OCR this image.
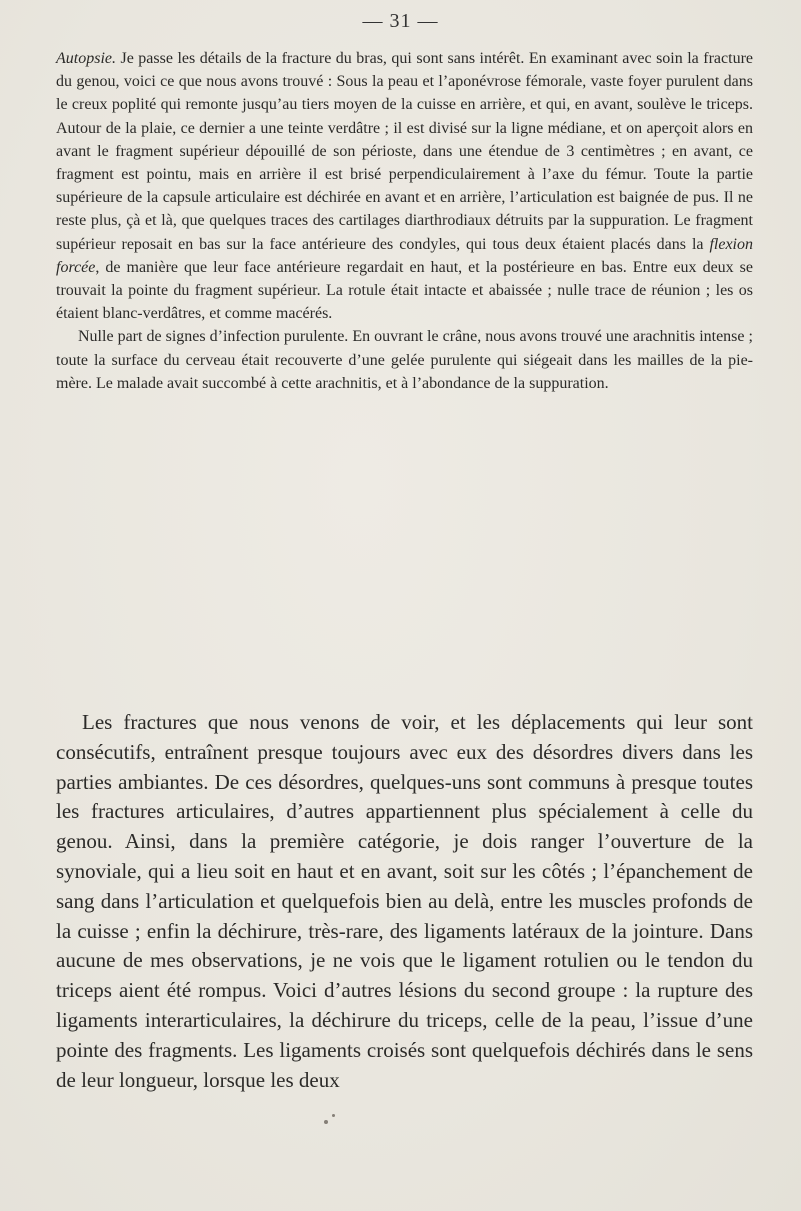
— 31 —

Autopsie. Je passe les détails de la fracture du bras, qui sont sans intérêt. En examinant avec soin la fracture du genou, voici ce que nous avons trouvé : Sous la peau et l’aponévrose fémorale, vaste foyer purulent dans le creux poplité qui remonte jusqu’au tiers moyen de la cuisse en arrière, et qui, en avant, soulève le triceps. Autour de la plaie, ce dernier a une teinte verdâtre ; il est divisé sur la ligne médiane, et on aperçoit alors en avant le fragment supérieur dépouillé de son périoste, dans une étendue de 3 centimètres ; en avant, ce fragment est pointu, mais en arrière il est brisé perpendiculairement à l’axe du fémur. Toute la partie supérieure de la capsule articulaire est déchirée en avant et en arrière, l’articulation est baignée de pus. Il ne reste plus, çà et là, que quelques traces des cartilages diarthrodiaux détruits par la suppuration. Le fragment supérieur reposait en bas sur la face antérieure des condyles, qui tous deux étaient placés dans la flexion forcée, de manière que leur face antérieure regardait en haut, et la postérieure en bas. Entre eux deux se trouvait la pointe du fragment supérieur. La rotule était intacte et abaissée ; nulle trace de réunion ; les os étaient blanc-verdâtres, et comme macérés.

Nulle part de signes d’infection purulente. En ouvrant le crâne, nous avons trouvé une arachnitis intense ; toute la surface du cerveau était recouverte d’une gelée purulente qui siégeait dans les mailles de la pie-mère. Le malade avait succombé à cette arachnitis, et à l’abondance de la suppuration.

Les fractures que nous venons de voir, et les déplacements qui leur sont consécutifs, entraînent presque toujours avec eux des désordres divers dans les parties ambiantes. De ces désordres, quelques-uns sont communs à presque toutes les fractures articulaires, d’autres appartiennent plus spécialement à celle du genou. Ainsi, dans la première catégorie, je dois ranger l’ouverture de la synoviale, qui a lieu soit en haut et en avant, soit sur les côtés ; l’épanchement de sang dans l’articulation et quelquefois bien au delà, entre les muscles profonds de la cuisse ; enfin la déchirure, très-rare, des ligaments latéraux de la jointure. Dans aucune de mes observations, je ne vois que le ligament rotulien ou le tendon du triceps aient été rompus. Voici d’autres lésions du second groupe : la rupture des ligaments interarticulaires, la déchirure du triceps, celle de la peau, l’issue d’une pointe des fragments. Les ligaments croisés sont quelquefois déchirés dans le sens de leur longueur, lorsque les deux
